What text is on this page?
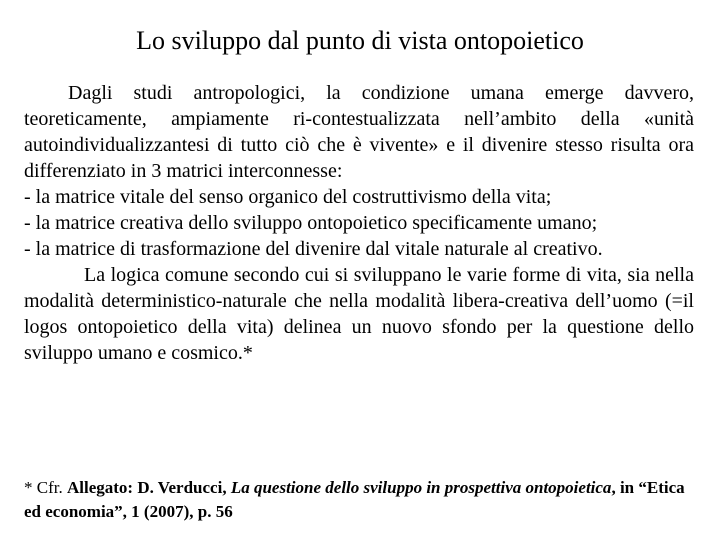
Lo sviluppo dal punto di vista ontopoietico

Dagli studi antropologici, la condizione umana emerge davvero, teoreticamente, ampiamente ri-contestualizzata nell’ambito della «unità autoindividualizzantesi di tutto ciò che è vivente» e il divenire stesso risulta ora differenziato in 3 matrici interconnesse:

- la matrice vitale del senso organico del costruttivismo della vita;

- la matrice creativa dello sviluppo ontopoietico specificamente umano;

- la matrice di trasformazione del divenire dal vitale naturale al creativo.

La logica comune secondo cui si sviluppano le varie forme di vita, sia nella modalità deterministico-naturale che nella modalità libera-creativa dell’uomo (=il logos ontopoietico della vita) delinea un nuovo sfondo per la questione dello sviluppo umano e cosmico.*

* Cfr. Allegato: D. Verducci, La questione dello sviluppo in prospettiva ontopoietica, in “Etica ed economia”, 1 (2007), p. 56
